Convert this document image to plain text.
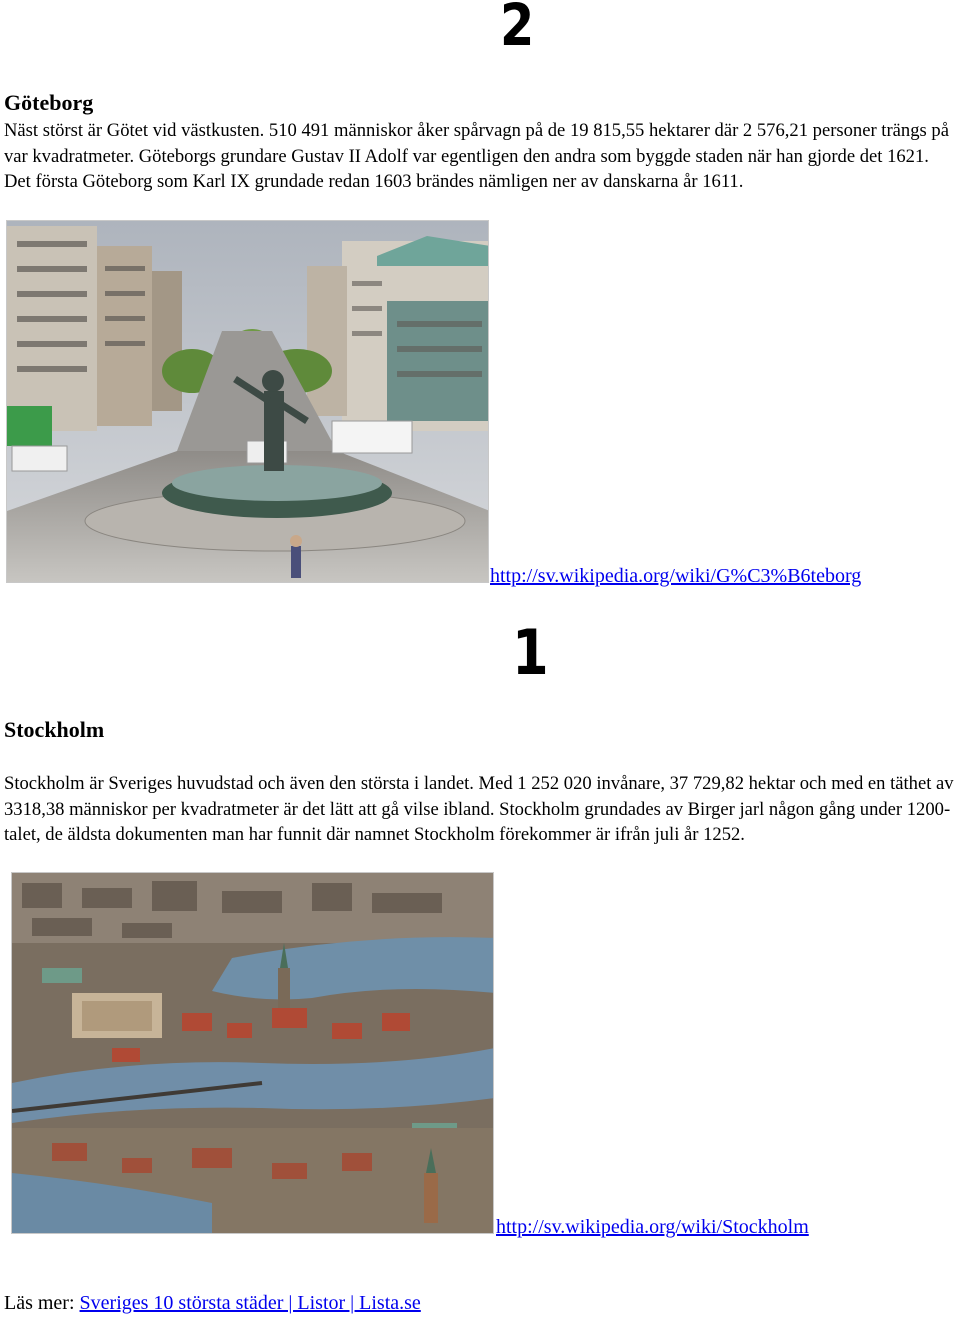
2
Göteborg

Näst störst är Götet vid västkusten. 510 491 människor åker spårvagn på de 19 815,55 hektarer där 2 576,21 personer trängs på var kvadratmeter. Göteborgs grundare Gustav II Adolf var egentligen den andra som byggde staden när han gjorde det 1621. Det första Göteborg som Karl IX grundade redan 1603 brändes nämligen ner av danskarna år 1611.

http://sv.wikipedia.org/wiki/G%C3%B6teborg
1
Stockholm

Stockholm är Sveriges huvudstad och även den största i landet. Med 1 252 020 invånare, 37 729,82 hektar och med en täthet av 3318,38 människor per kvadratmeter är det lätt att gå vilse ibland. Stockholm grundades av Birger jarl någon gång under 1200-talet, de äldsta dokumenten man har funnit där namnet Stockholm förekommer är ifrån juli år 1252.

http://sv.wikipedia.org/wiki/Stockholm
Läs mer: Sveriges 10 största städer | Listor | Lista.se
